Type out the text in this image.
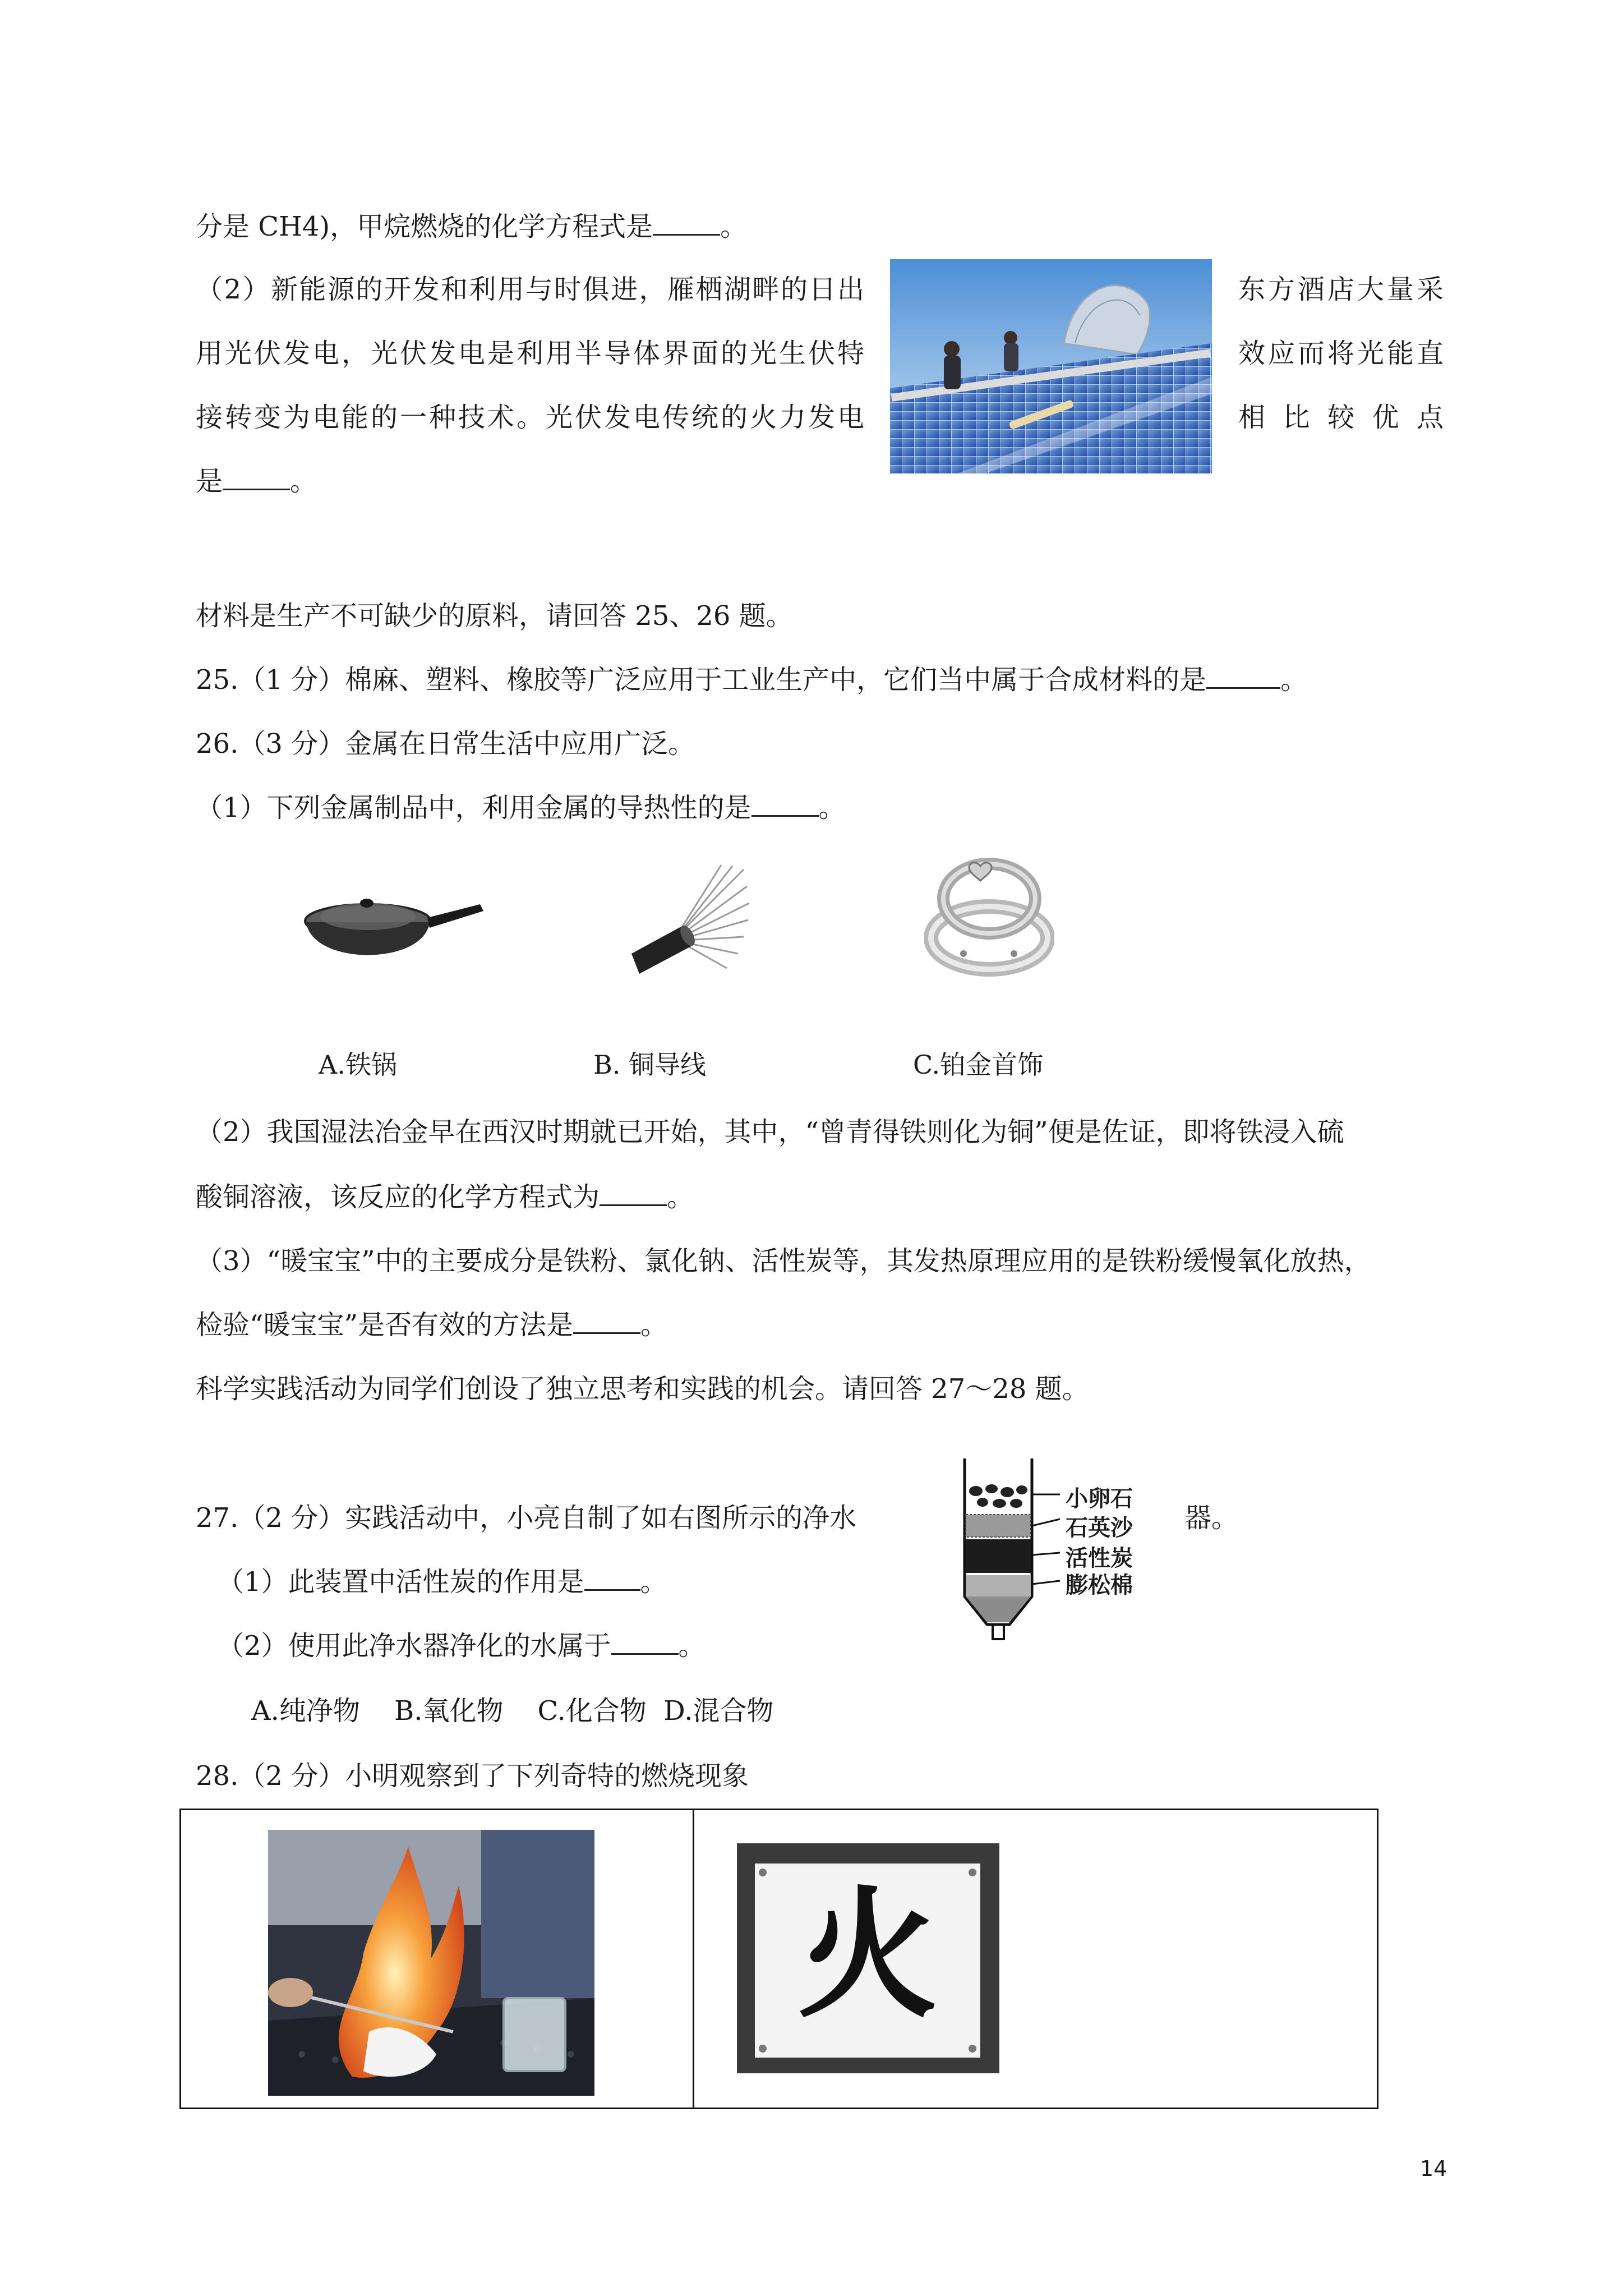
分是 CH4)，甲烷燃烧的化学方程式是	。
（2）新能源的开发和利用与时俱进，雁栖湖畔的日出	东方酒店大量采
用光伏发电，光伏发电是利用半导体界面的光生伏特	效应而将光能直
接转变为电能的一种技术。光伏发电传统的火力发电	相 比 较 优 点
是	。
材料是生产不可缺少的原料，请回答 25、26 题。
25.（1 分）棉麻、塑料、橡胶等广泛应用于工业生产中，它们当中属于合成材料的是	。
26.（3 分）金属在日常生活中应用广泛。
（1）下列金属制品中，利用金属的导热性的是	。
A.铁锅	B. 铜导线	C.铂金首饰
（2）我国湿法冶金早在西汉时期就已开始，其中，“曾青得铁则化为铜”便是佐证，即将铁浸入硫
酸铜溶液，该反应的化学方程式为	。
（3）“暖宝宝”中的主要成分是铁粉、氯化钠、活性炭等，其发热原理应用的是铁粉缓慢氧化放热，
检验“暖宝宝”是否有效的方法是	。
科学实践活动为同学们创设了独立思考和实践的机会。请回答 27～28 题。
27.（2 分）实践活动中，小亮自制了如右图所示的净水	器。
（1）此装置中活性炭的作用是 。
（2）使用此净水器净化的水属于	。
A.纯净物    B.氧化物    C.化合物  D.混合物
小卵石
石英沙
活性炭
膨松棉
28.（2 分）小明观察到了下列奇特的燃烧现象
火
14
